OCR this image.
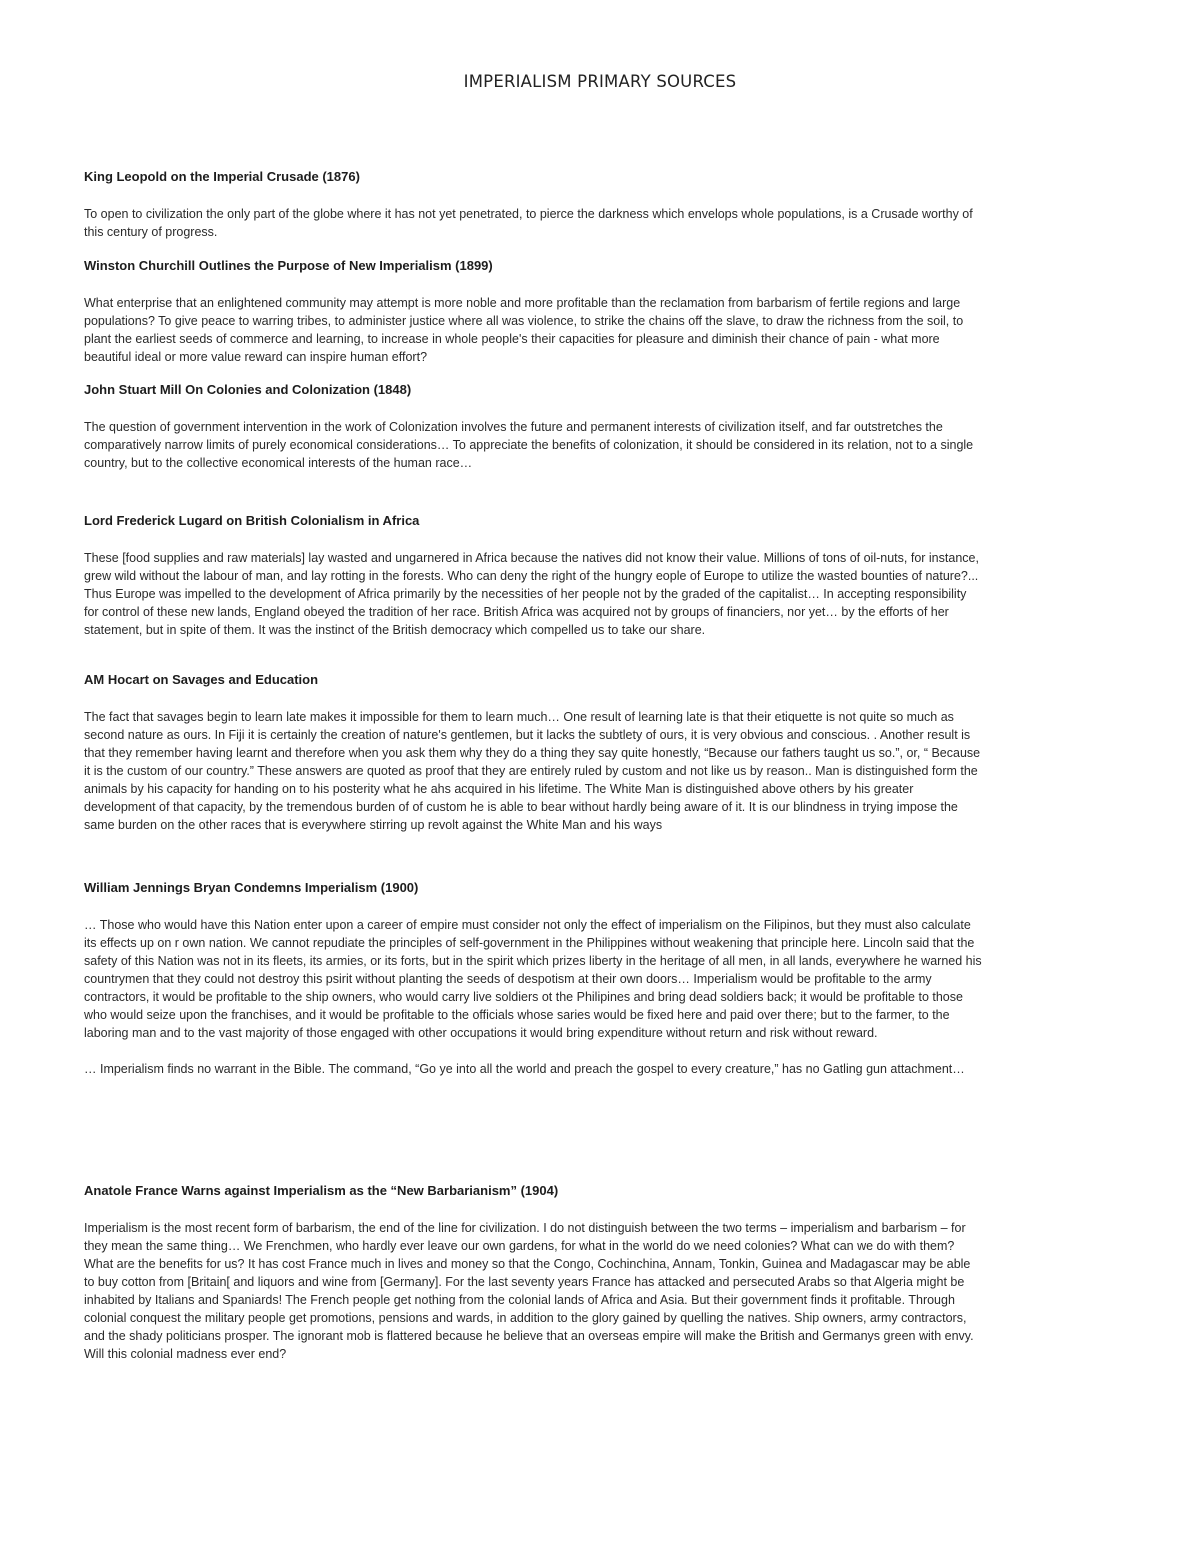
IMPERIALISM PRIMARY SOURCES
King Leopold on the Imperial Crusade (1876)

To open to civilization the only part of the globe where it has not yet penetrated, to pierce the darkness which envelops whole populations, is a Crusade worthy of this century of progress.

Winston Churchill Outlines the Purpose of New Imperialism (1899)

What enterprise that an enlightened community may attempt is more noble and more profitable than the reclamation from barbarism of fertile regions and large populations? To give peace to warring tribes, to administer justice where all was violence, to strike the chains off the slave, to draw the richness from the soil, to plant the earliest seeds of commerce and learning, to increase in whole people's their capacities for pleasure and diminish their chance of pain - what more beautiful ideal or more value reward can inspire human effort?

John Stuart Mill On Colonies and Colonization (1848)

The question of government intervention in the work of Colonization involves the future and permanent interests of civilization itself, and far outstretches the comparatively narrow limits of purely economical considerations… To appreciate the benefits of colonization, it should be considered in its relation, not to a single country, but to the collective economical interests of the human race…

Lord Frederick Lugard on British Colonialism in Africa

These [food supplies and raw materials] lay wasted and ungarnered in Africa because the natives did not know their value. Millions of tons of oil-nuts, for instance, grew wild without the labour of man, and lay rotting in the forests. Who can deny the right of the hungry eople of Europe to utilize the wasted bounties of nature?... Thus Europe was impelled to the development of Africa primarily by the necessities of her people not by the graded of the capitalist… In accepting responsibility for control of these new lands, England obeyed the tradition of her race. British Africa was acquired not by groups of financiers, nor yet… by the efforts of her statement, but in spite of them. It was the instinct of the British democracy which compelled us to take our share.

AM Hocart on Savages and Education

The fact that savages begin to learn late makes it impossible for them to learn much… One result of learning late is that their etiquette is not quite so much as second nature as ours. In Fiji it is certainly the creation of nature's gentlemen, but it lacks the subtlety of ours, it is very obvious and conscious. . Another result is that they remember having learnt and therefore when you ask them why they do a thing they say quite honestly, “Because our fathers taught us so.”, or, “ Because it is the custom of our country.” These answers are quoted as proof that they are entirely ruled by custom and not like us by reason.. Man is distinguished form the animals by his capacity for handing on to his posterity what he ahs acquired in his lifetime. The White Man is distinguished above others by his greater development of that capacity, by the tremendous burden of of custom he is able to bear without hardly being aware of it. It is our blindness in trying impose the same burden on the other races that is everywhere stirring up revolt against the White Man and his ways

William Jennings Bryan Condemns Imperialism (1900)

… Those who would have this Nation enter upon a career of empire must consider not only the effect of imperialism on the Filipinos, but they must also calculate its effects up on r own nation. We cannot repudiate the principles of self-government in the Philippines without weakening that principle here. Lincoln said that the safety of this Nation was not in its fleets, its armies, or its forts, but in the spirit which prizes liberty in the heritage of all men, in all lands, everywhere he warned his countrymen that they could not destroy this psirit without planting the seeds of despotism at their own doors… Imperialism would be profitable to the army contractors, it would be profitable to the ship owners, who would carry live soldiers ot the Philipines and bring dead soldiers back; it would be profitable to those who would seize upon the franchises, and it would be profitable to the officials whose saries would be fixed here and paid over there; but to the farmer, to the laboring man and to the vast majority of those engaged with other occupations it would bring expenditure without return and risk without reward.

… Imperialism finds no warrant in the Bible. The command, “Go ye into all the world and preach the gospel to every creature,” has no Gatling gun attachment…

Anatole France Warns against Imperialism as the “New Barbarianism” (1904)

Imperialism is the most recent form of barbarism, the end of the line for civilization. I do not distinguish between the two terms – imperialism and barbarism – for they mean the same thing… We Frenchmen, who hardly ever leave our own gardens, for what in the world do we need colonies? What can we do with them? What are the benefits for us? It has cost France much in lives and money so that the Congo, Cochinchina, Annam, Tonkin, Guinea and Madagascar may be able to buy cotton from [Britain[ and liquors and wine from [Germany]. For the last seventy years France has attacked and persecuted Arabs so that Algeria might be inhabited by Italians and Spaniards! The French people get nothing from the colonial lands of Africa and Asia. But their government finds it profitable. Through colonial conquest the military people get promotions, pensions and wards, in addition to the glory gained by quelling the natives. Ship owners, army contractors, and the shady politicians prosper. The ignorant mob is flattered because he believe that an overseas empire will make the British and Germanys green with envy. Will this colonial madness ever end?
